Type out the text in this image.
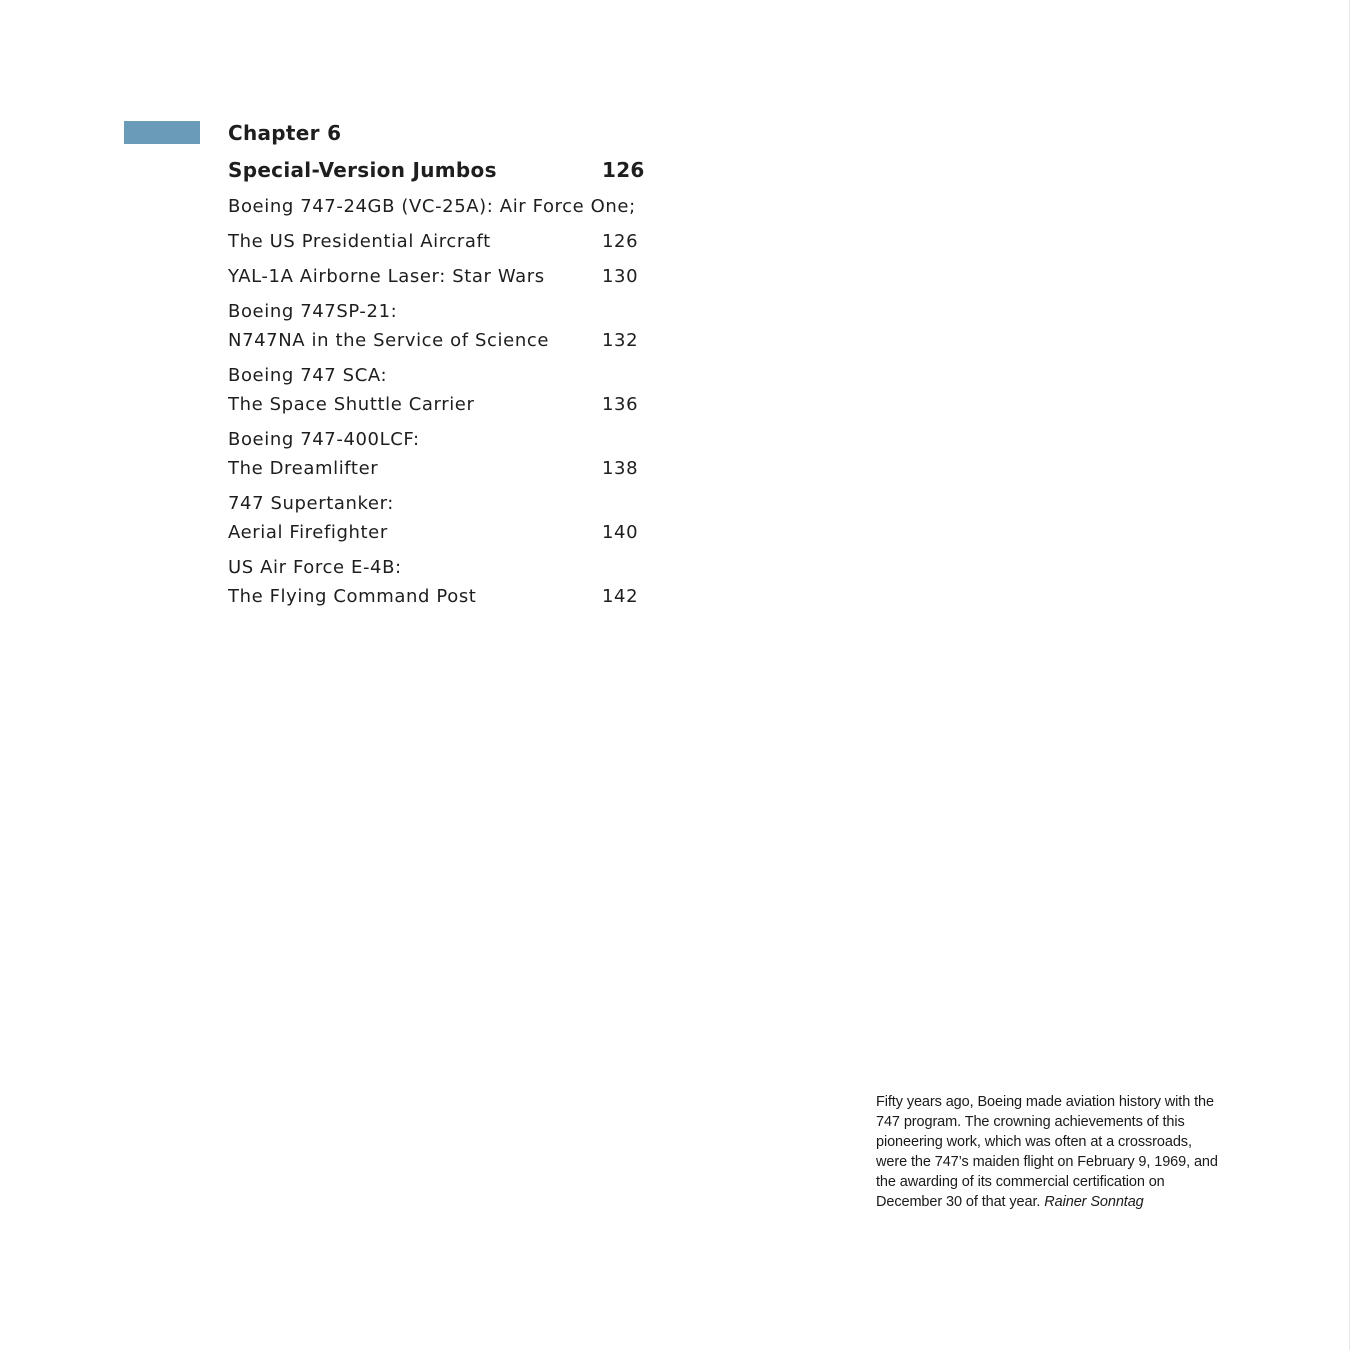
Chapter 6
Special-Version Jumbos	126
Boeing 747-24GB (VC-25A): Air Force One;
The US Presidential Aircraft	126
YAL-1A Airborne Laser: Star Wars	130
Boeing 747SP-21:
N747NA in the Service of Science	132
Boeing 747 SCA:
The Space Shuttle Carrier	136
Boeing 747-400LCF:
The Dreamlifter	138
747 Supertanker:
Aerial Firefighter	140
US Air Force E-4B:
The Flying Command Post	142
Fifty years ago, Boeing made aviation history with the 747 program. The crowning achievements of this pioneering work, which was often at a crossroads, were the 747’s maiden flight on February 9, 1969, and the awarding of its commercial certification on December 30 of that year. Rainer Sonntag
